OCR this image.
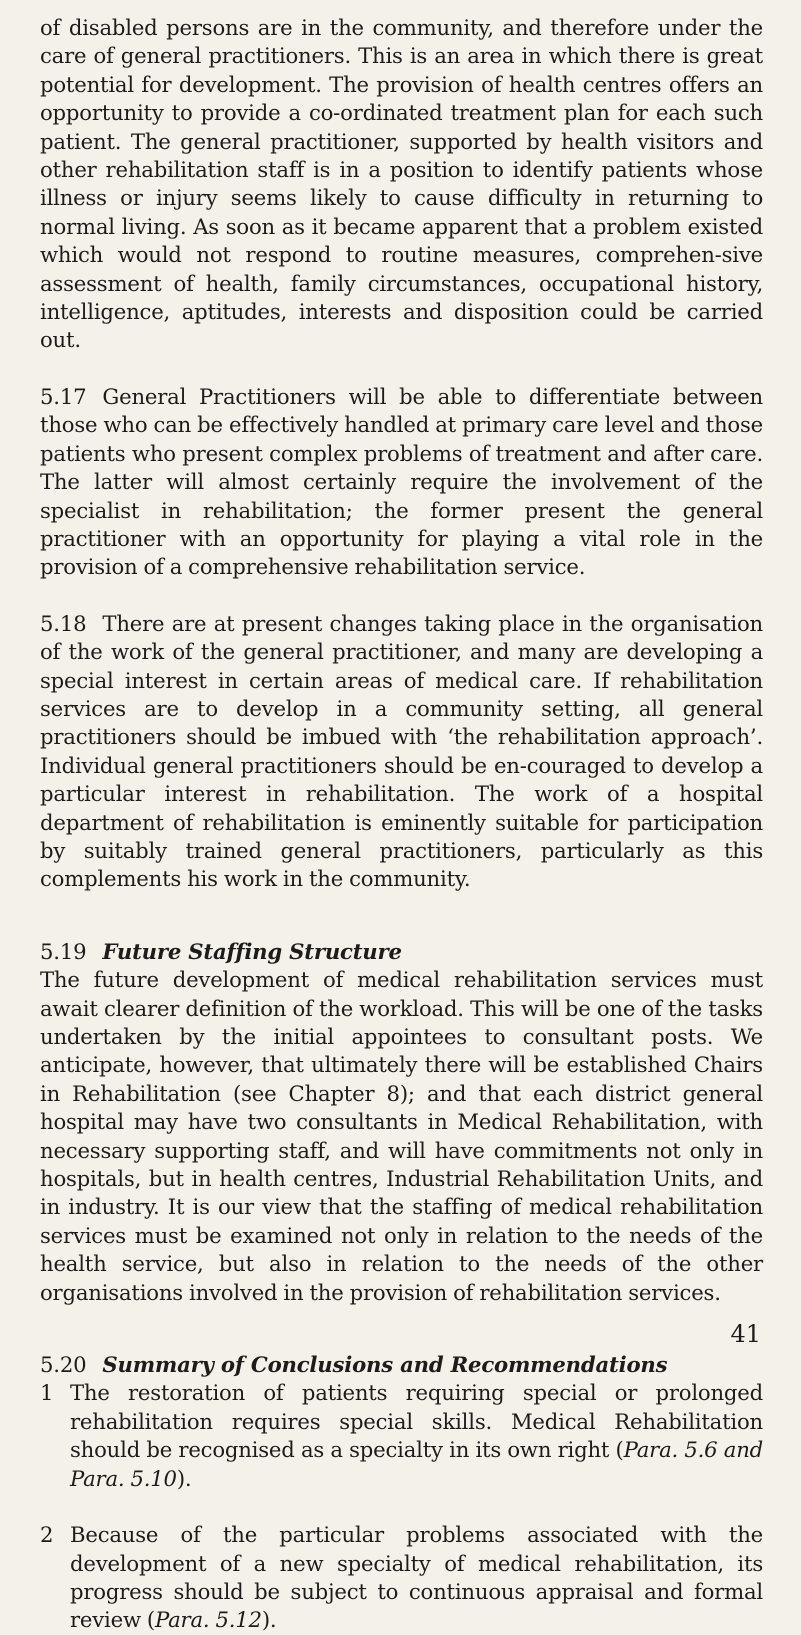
of disabled persons are in the community, and therefore under the care of general practitioners. This is an area in which there is great potential for development. The provision of health centres offers an opportunity to provide a co-ordinated treatment plan for each such patient. The general practitioner, supported by health visitors and other rehabilitation staff is in a position to identify patients whose illness or injury seems likely to cause difficulty in returning to normal living. As soon as it became apparent that a problem existed which would not respond to routine measures, comprehen-sive assessment of health, family circumstances, occupational history, intelligence, aptitudes, interests and disposition could be carried out.

5.17 General Practitioners will be able to differentiate between those who can be effectively handled at primary care level and those patients who present complex problems of treatment and after care. The latter will almost certainly require the involvement of the specialist in rehabilitation; the former present the general practitioner with an opportunity for playing a vital role in the provision of a comprehensive rehabilitation service.

5.18 There are at present changes taking place in the organisation of the work of the general practitioner, and many are developing a special interest in certain areas of medical care. If rehabilitation services are to develop in a community setting, all general practitioners should be imbued with ‘the rehabilitation approach’. Individual general practitioners should be en-couraged to develop a particular interest in rehabilitation. The work of a hospital department of rehabilitation is eminently suitable for participation by suitably trained general practitioners, particularly as this complements his work in the community.

5.19 Future Staffing Structure

The future development of medical rehabilitation services must await clearer definition of the workload. This will be one of the tasks undertaken by the initial appointees to consultant posts. We anticipate, however, that ultimately there will be established Chairs in Rehabilitation (see Chapter 8); and that each district general hospital may have two consultants in Medical Rehabilitation, with necessary supporting staff, and will have commitments not only in hospitals, but in health centres, Industrial Rehabilitation Units, and in industry. It is our view that the staffing of medical rehabilitation services must be examined not only in relation to the needs of the health service, but also in relation to the needs of the other organisations involved in the provision of rehabilitation services.

5.20 Summary of Conclusions and Recommendations
1 The restoration of patients requiring special or prolonged rehabilitation requires special skills. Medical Rehabilitation should be recognised as a specialty in its own right (Para. 5.6 and Para. 5.10).
2 Because of the particular problems associated with the development of a new specialty of medical rehabilitation, its progress should be subject to continuous appraisal and formal review (Para. 5.12).
41
